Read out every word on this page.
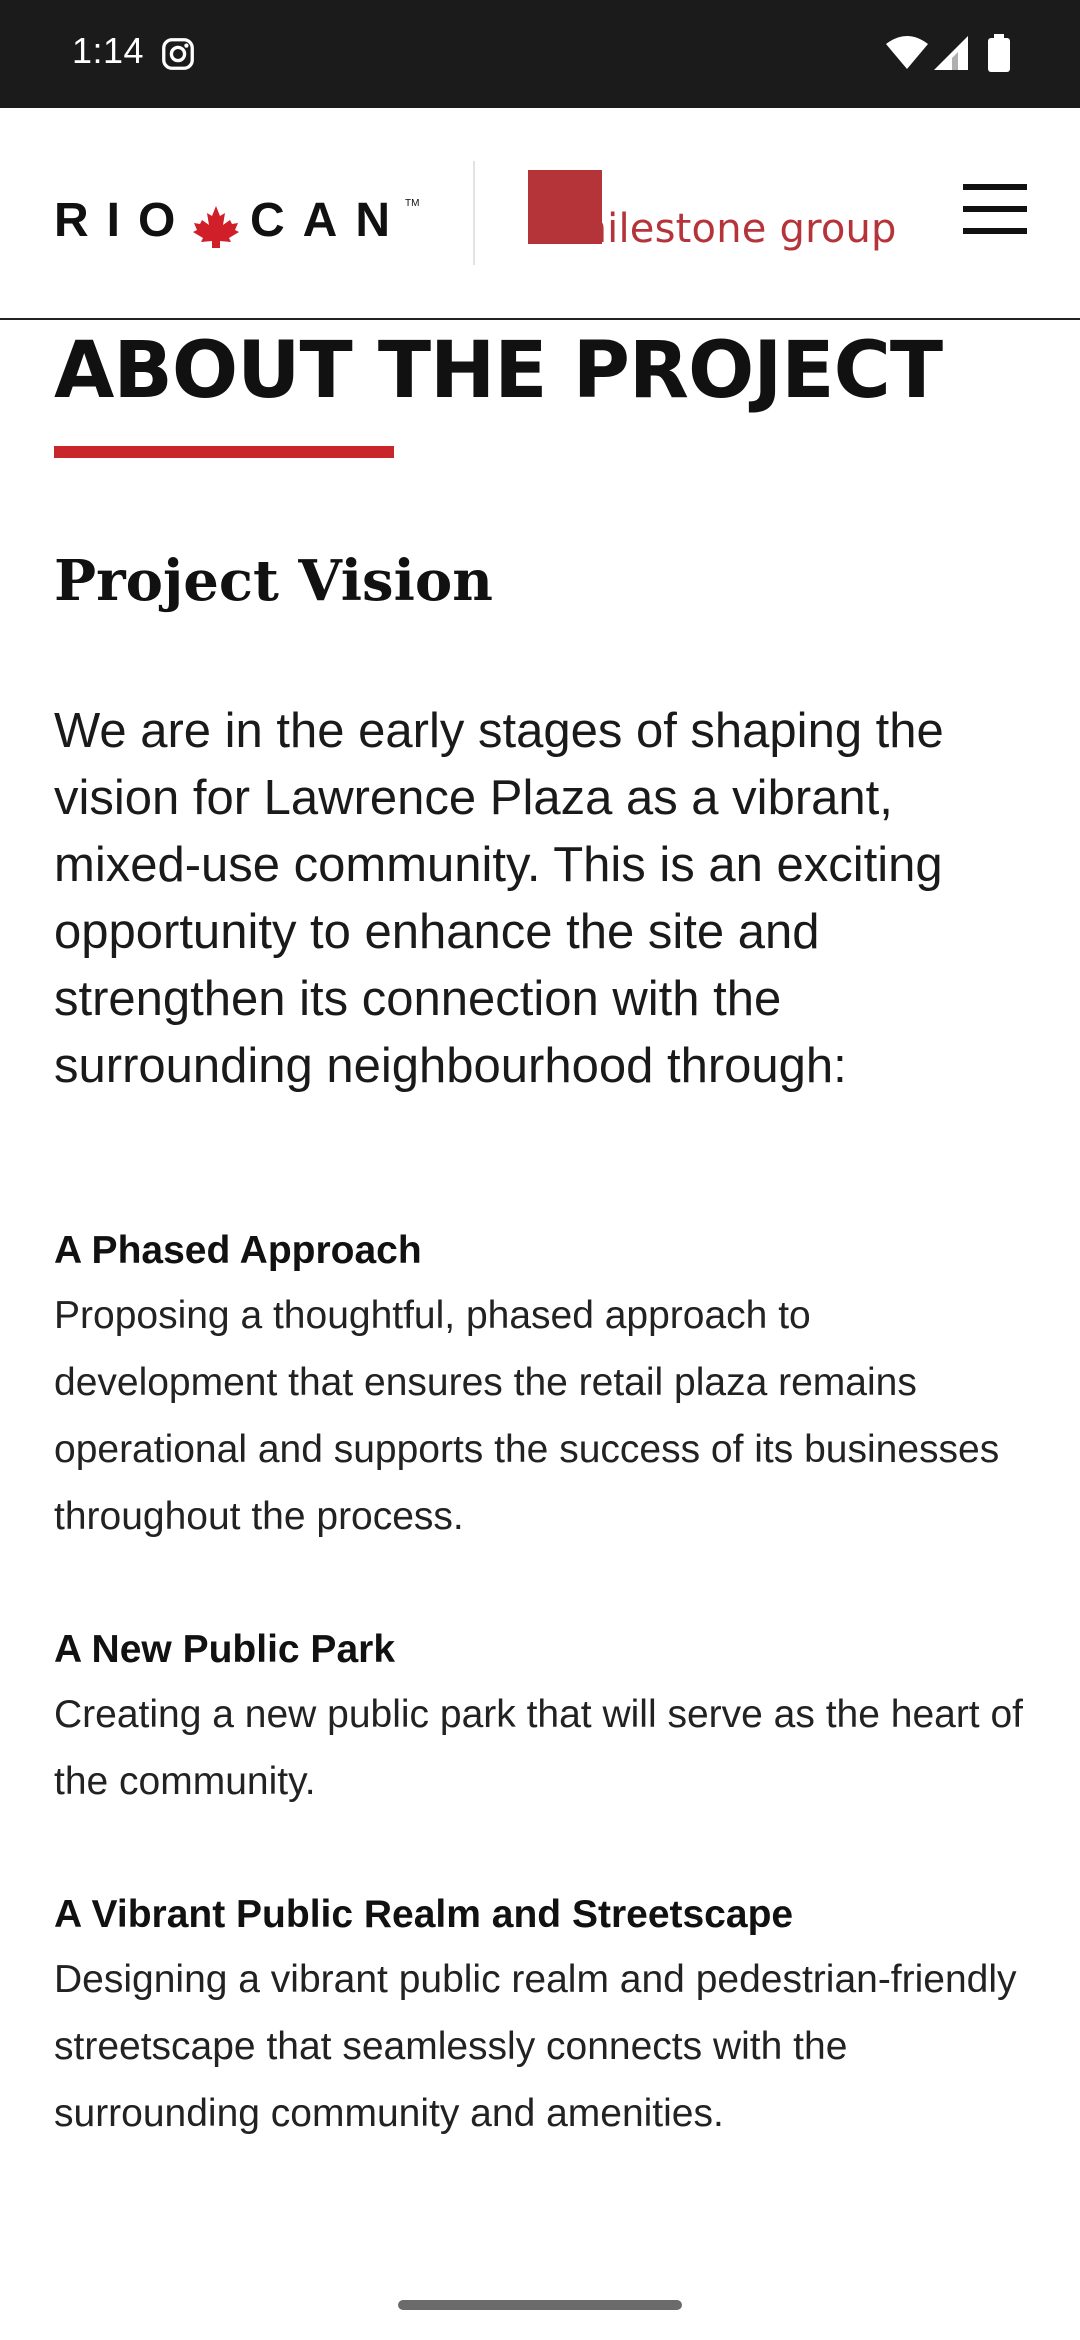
1:14
RIO CAN
TM
milestone group
ABOUT THE PROJECT
Project Vision

We are in the early stages of shaping the vision for Lawrence Plaza as a vibrant, mixed-use community. This is an exciting opportunity to enhance the site and strengthen its connection with the surrounding neighbourhood through:

A Phased Approach

Proposing a thoughtful, phased approach to development that ensures the retail plaza remains operational and supports the success of its businesses throughout the process.

A New Public Park

Creating a new public park that will serve as the heart of the community.

A Vibrant Public Realm and Streetscape

Designing a vibrant public realm and pedestrian-friendly streetscape that seamlessly connects with the surrounding community and amenities.
